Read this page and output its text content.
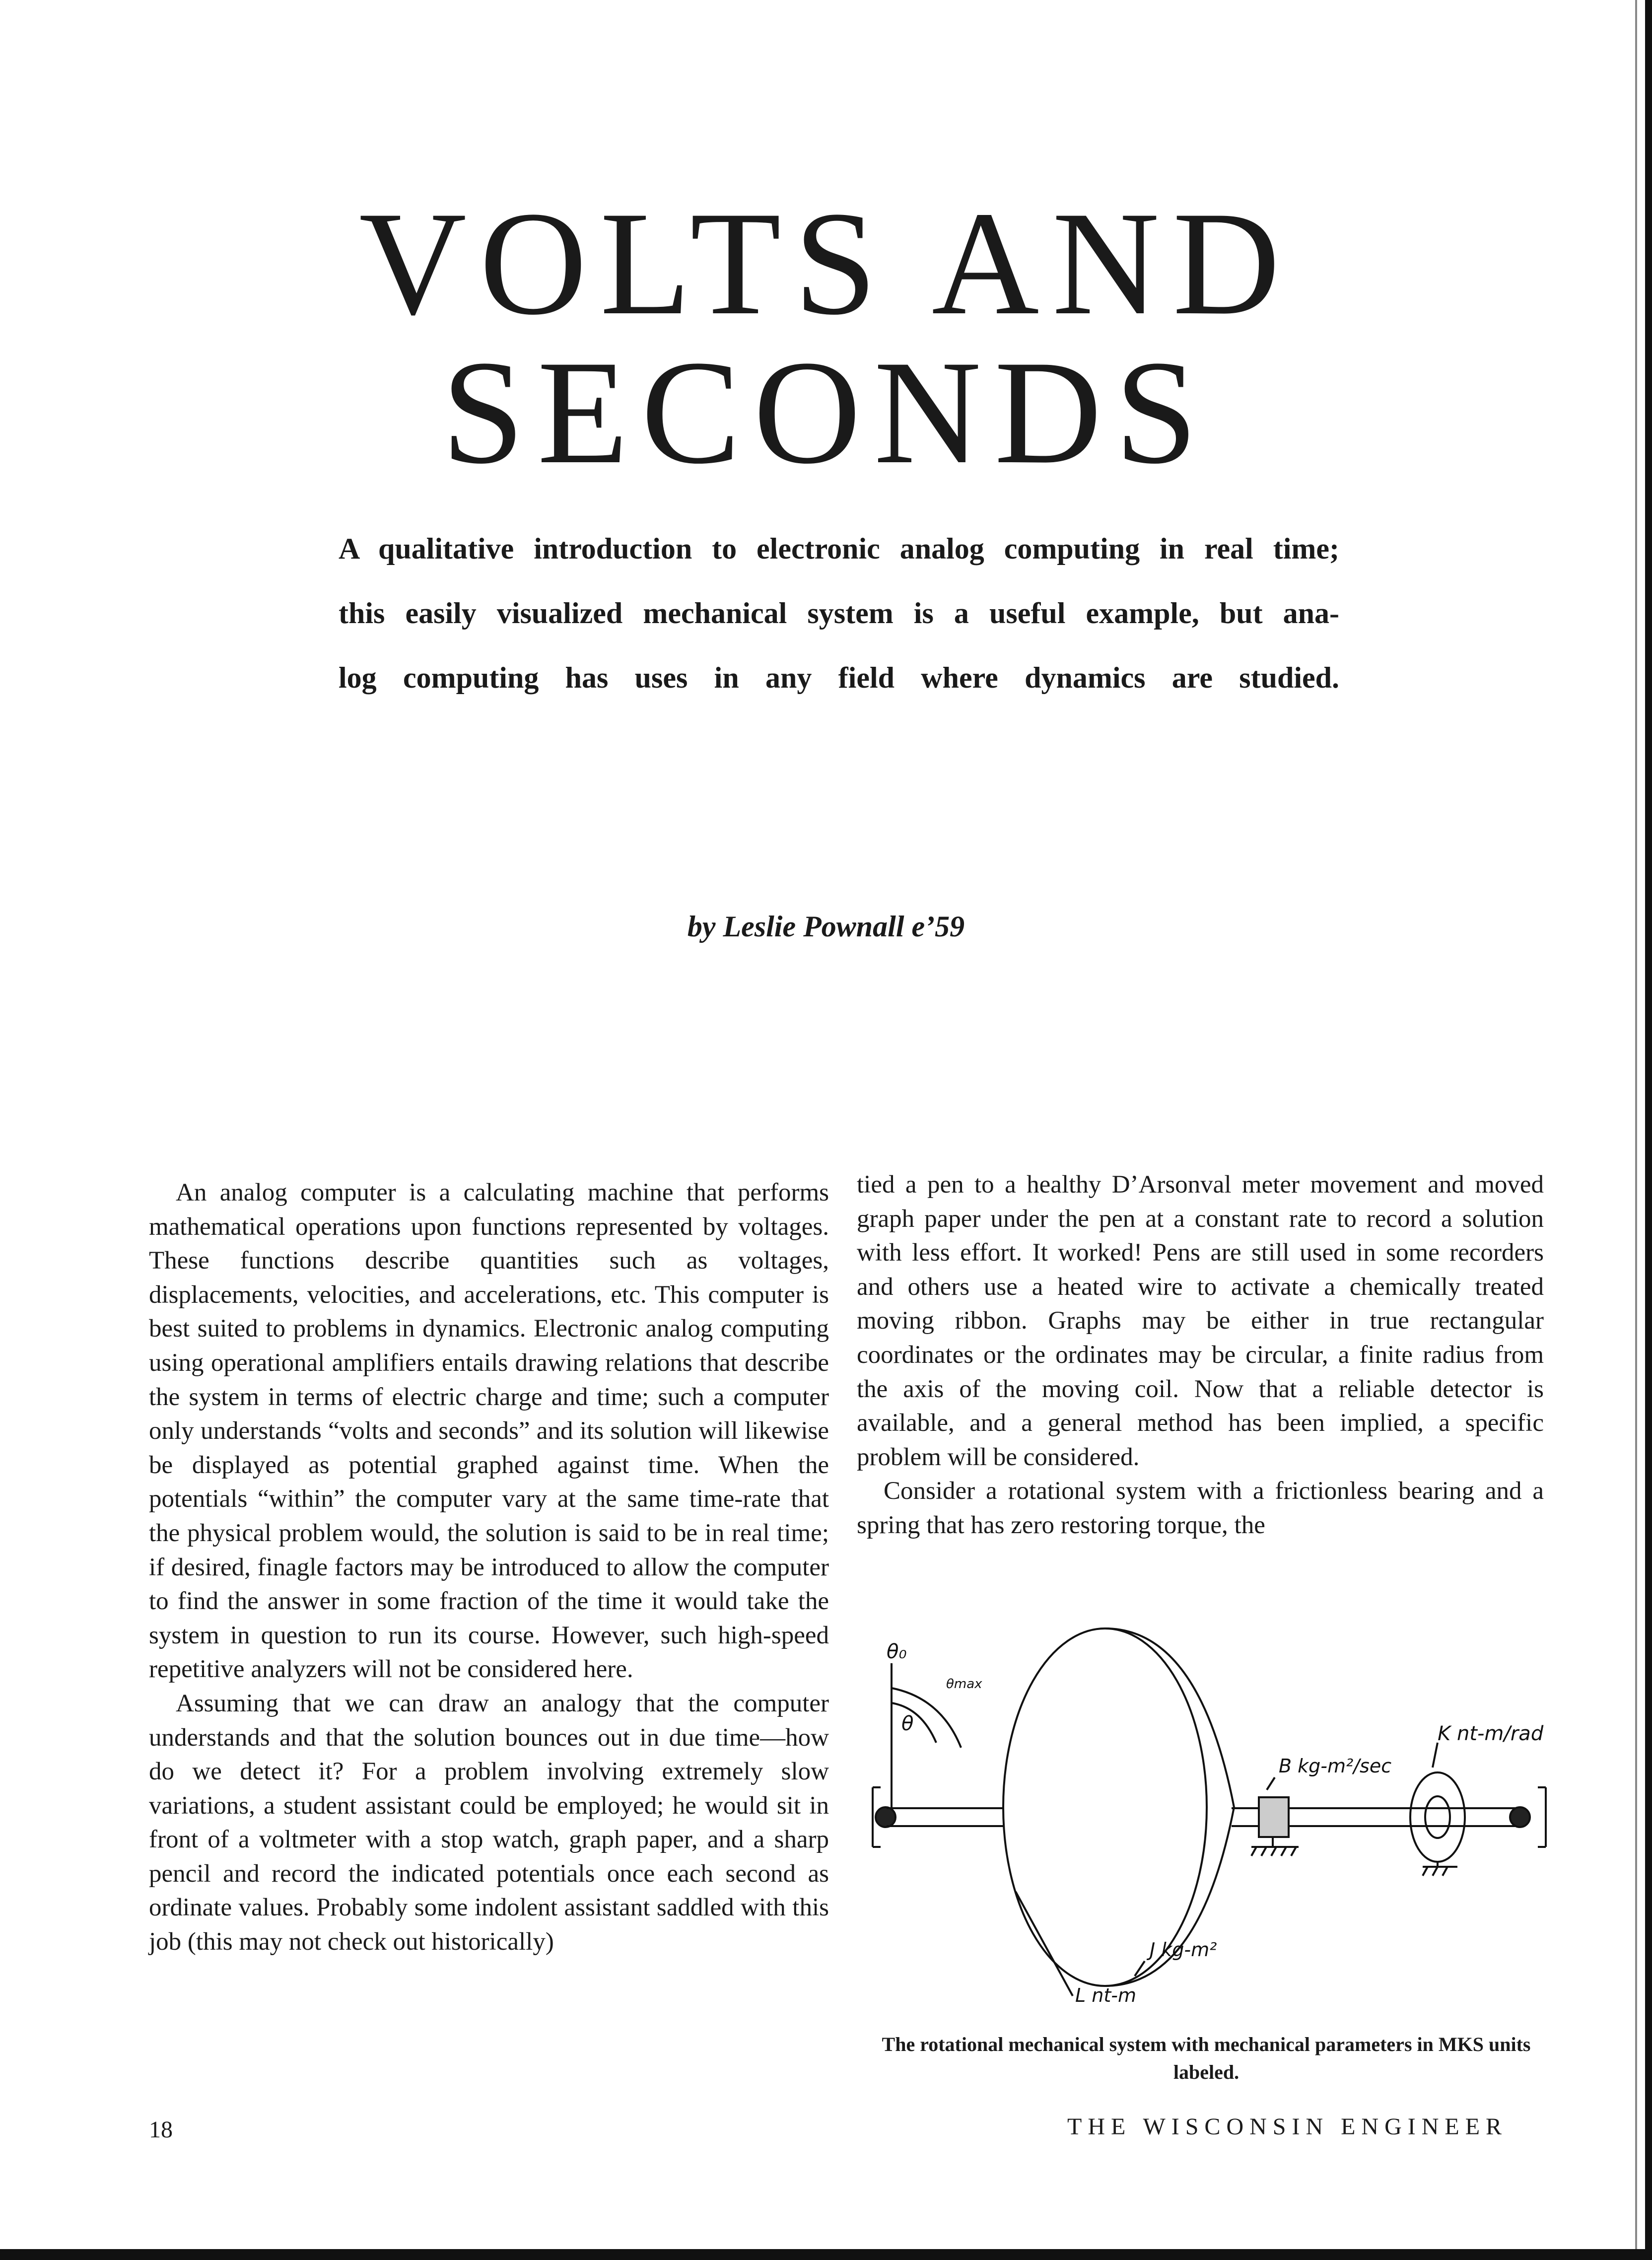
VOLTS AND SECONDS
A qualitative introduction to electronic analog computing in real time;
this easily visualized mechanical system is a useful example, but ana-
log computing has uses in any field where dynamics are studied.
by Leslie Pownall e’59

An analog computer is a calculating machine that performs mathematical operations upon functions represented by voltages. These functions describe quantities such as voltages, displacements, velocities, and accelerations, etc. This computer is best suited to problems in dynamics. Electronic analog computing using operational amplifiers entails drawing relations that describe the system in terms of electric charge and time; such a computer only understands “volts and seconds” and its solution will likewise be displayed as potential graphed against time. When the potentials “within” the computer vary at the same time-rate that the physical problem would, the solution is said to be in real time; if desired, finagle factors may be introduced to allow the computer to find the answer in some fraction of the time it would take the system in question to run its course. However, such high-speed repetitive analyzers will not be considered here.

Assuming that we can draw an analogy that the computer understands and that the solution bounces out in due time—how do we detect it? For a problem involving extremely slow variations, a student assistant could be employed; he would sit in front of a voltmeter with a stop watch, graph paper, and a sharp pencil and record the indicated potentials once each second as ordinate values. Probably some indolent assistant saddled with this job (this may not check out historically)

tied a pen to a healthy D’Arsonval meter movement and moved graph paper under the pen at a constant rate to record a solution with less effort. It worked! Pens are still used in some recorders and others use a heated wire to activate a chemically treated moving ribbon. Graphs may be either in true rectangular coordinates or the ordinates may be circular, a finite radius from the axis of the moving coil. Now that a reliable detector is available, and a general method has been implied, a specific problem will be considered.

Consider a rotational system with a frictionless bearing and a spring that has zero restoring torque, the

θ₀
θ
θmax
B kg-m²/sec
K nt-m/rad
J kg-m²
L nt-m
The rotational mechanical system with mechanical parameters in MKS units labeled.
18	THE WISCONSIN ENGINEER
